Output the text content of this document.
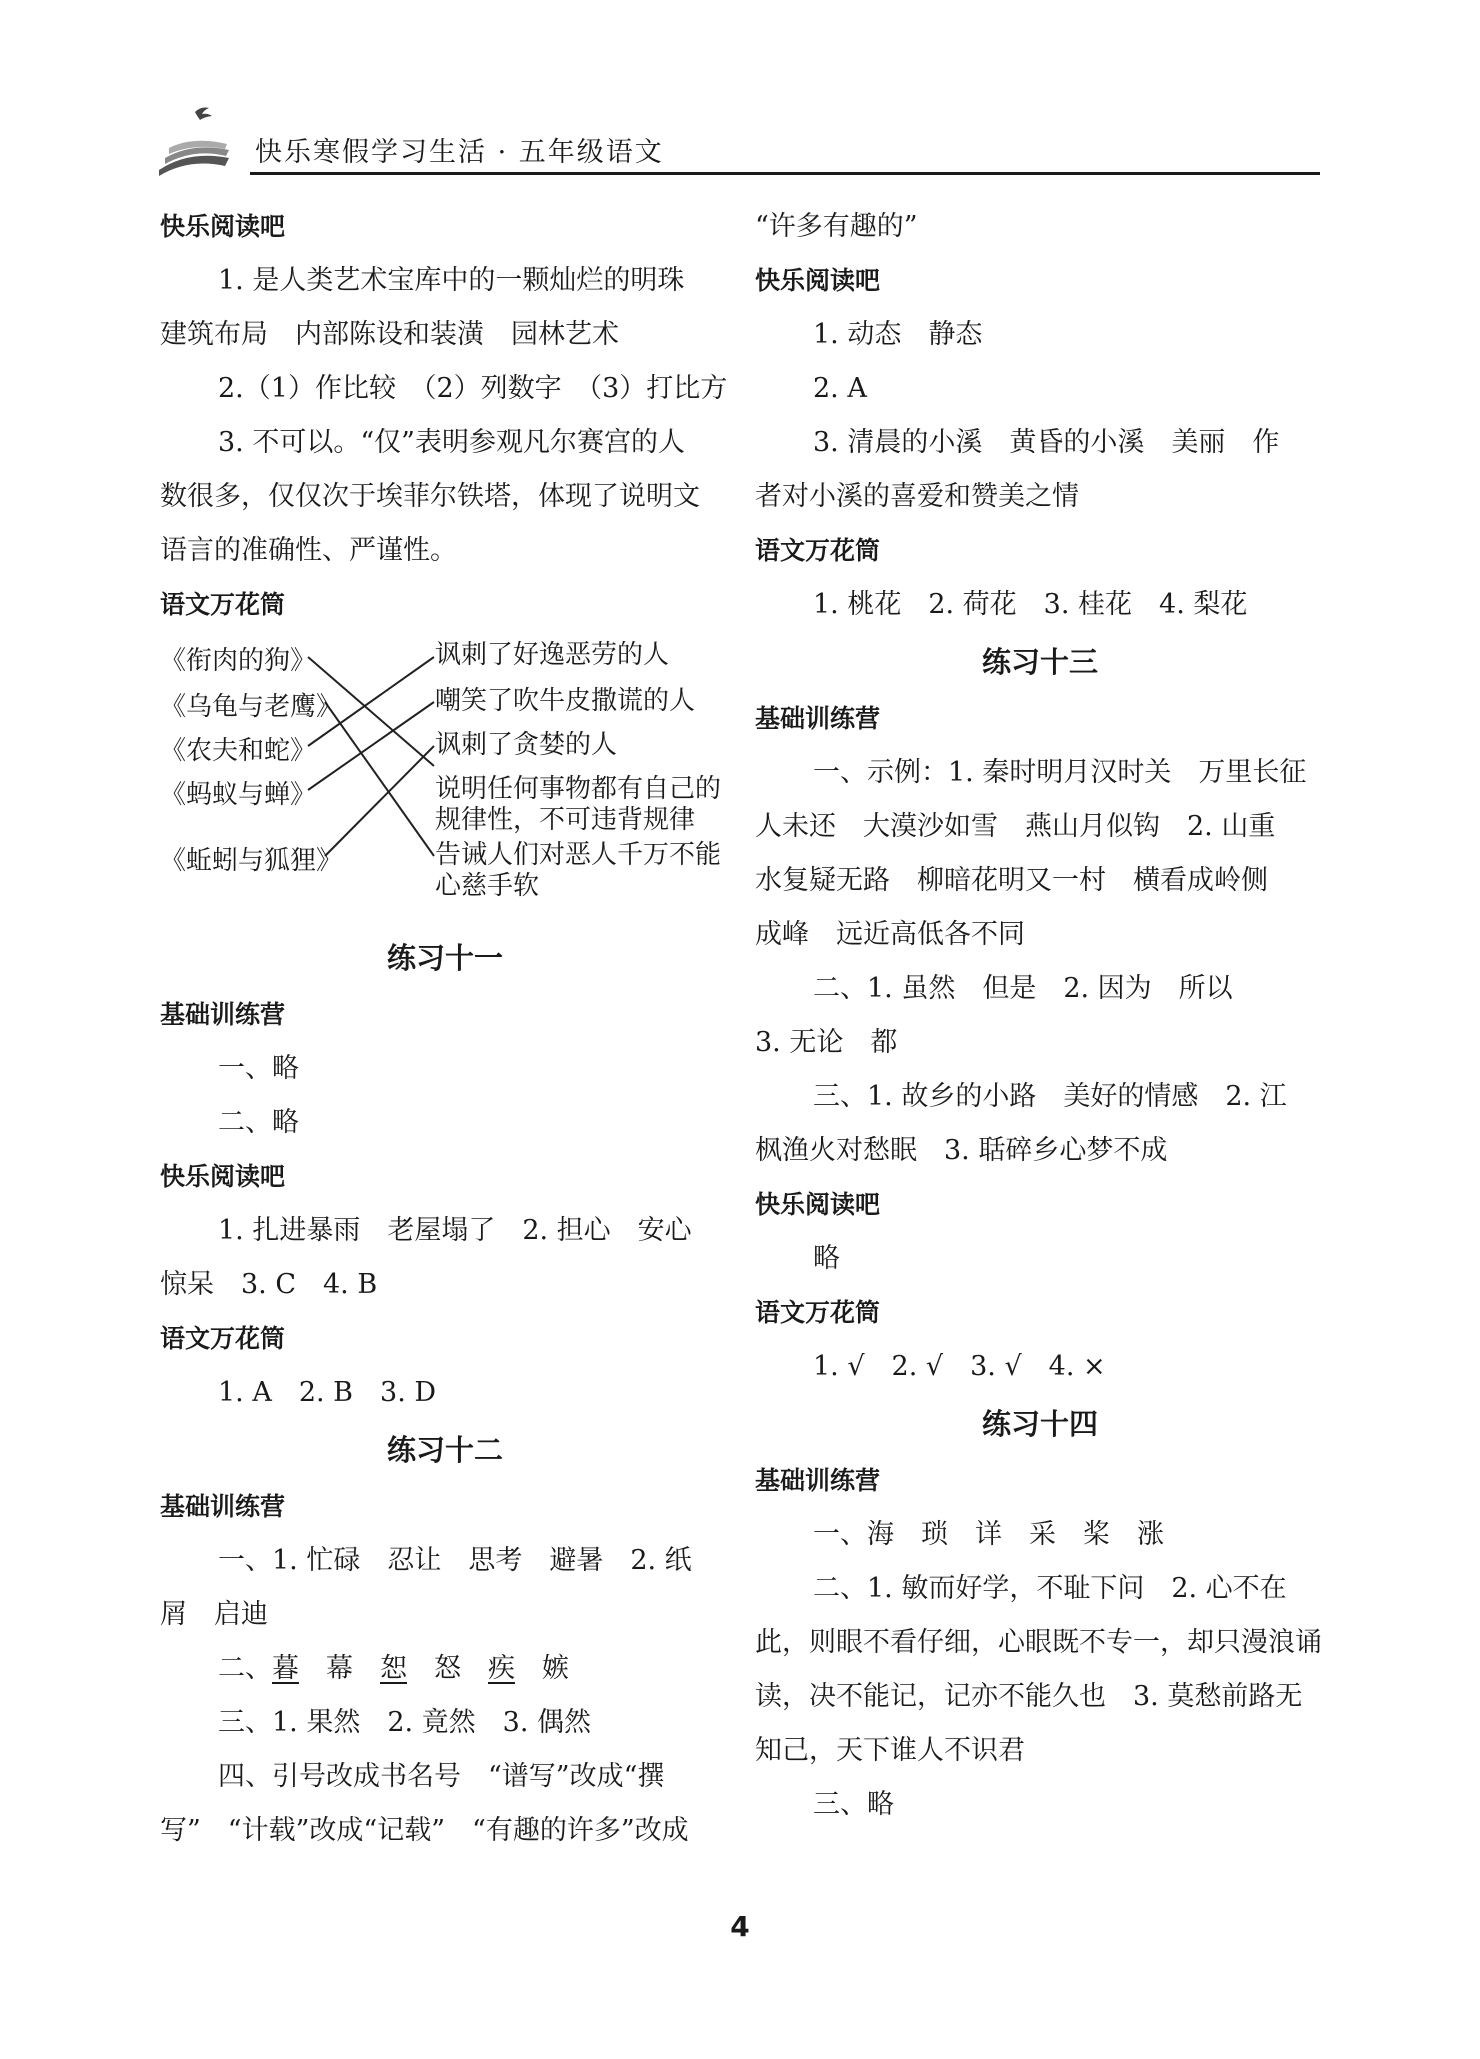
快乐寒假学习生活 · 五年级语文
快乐阅读吧
1. 是人类艺术宝库中的一颗灿烂的明珠
建筑布局　内部陈设和装潢　园林艺术
2.（1）作比较　（2）列数字　（3）打比方
3. 不可以。“仅”表明参观凡尔赛宫的人
数很多，仅仅次于埃菲尔铁塔，体现了说明文
语言的准确性、严谨性。
语文万花筒
《衔肉的狗》
《乌龟与老鹰》
《农夫和蛇》
《蚂蚁与蝉》
《蚯蚓与狐狸》
讽刺了好逸恶劳的人
嘲笑了吹牛皮撒谎的人
讽刺了贪婪的人
说明任何事物都有自己的
规律性，不可违背规律
告诫人们对恶人千万不能
心慈手软
练习十一
基础训练营
一、略
二、略
快乐阅读吧
1. 扎进暴雨　老屋塌了　2. 担心　安心
惊呆　3. C　4. B
语文万花筒
1. A　2. B　3. D
练习十二
基础训练营
一、1. 忙碌　忍让　思考　避暑　2. 纸
屑　启迪
二、暮　 幕　 恕　 怒　 疾　 嫉
三、1. 果然　2. 竟然　3. 偶然
四、引号改成书名号　“谱写”改成“撰
写”　“计载”改成“记载”　“有趣的许多”改成
“许多有趣的”
快乐阅读吧
1. 动态　静态
2. A
3. 清晨的小溪　黄昏的小溪　美丽　作
者对小溪的喜爱和赞美之情
语文万花筒
1. 桃花　2. 荷花　3. 桂花　4. 梨花
练习十三
基础训练营
一、示例：1. 秦时明月汉时关　万里长征
人未还　大漠沙如雪　燕山月似钩　2. 山重
水复疑无路　柳暗花明又一村　横看成岭侧
成峰　远近高低各不同
二、1. 虽然　但是　2. 因为　所以
3. 无论　都
三、1. 故乡的小路　美好的情感　2. 江
枫渔火对愁眠　3. 聒碎乡心梦不成
快乐阅读吧
略
语文万花筒
1. √　2. √　3. √　4. ×
练习十四
基础训练营
一、海　琐　详　采　桨　涨
二、1. 敏而好学，不耻下问　2. 心不在
此，则眼不看仔细，心眼既不专一，却只漫浪诵
读，决不能记，记亦不能久也　3. 莫愁前路无
知己，天下谁人不识君
三、略
4
